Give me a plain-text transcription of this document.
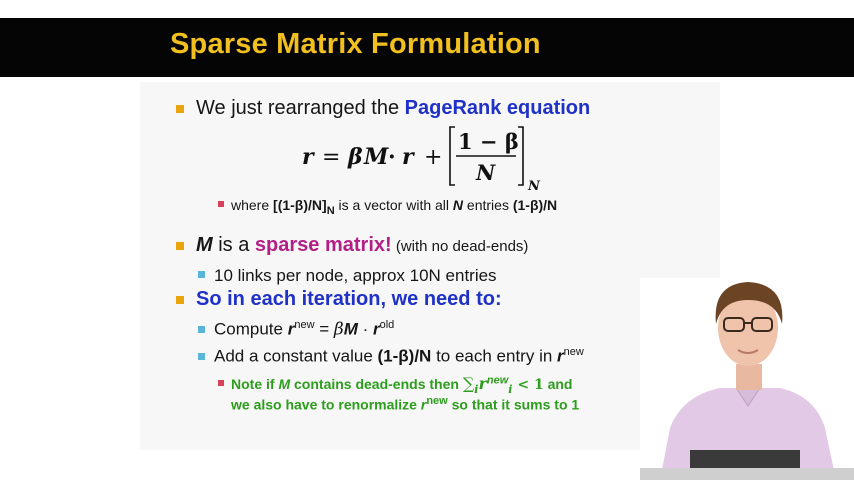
Sparse Matrix Formulation
We just rearranged the PageRank equation
r = β M · r +
1 − β
N
N
where $[(1-\beta)/N]_N$ is a vector with all N entries (1-β)/N
M is a sparse matrix! (with no dead-ends)
10 links per node, approx 10N entries
So in each iteration, we need to:
Compute $r^{new} = \beta M \cdot r^{old}$
Add a constant value (1-β)/N to each entry in $r^{new}$
Note if M contains dead-ends then $\sum_ir^{new}_i < 1$ and
we also have to renormalize $r^{new}$ so that it sums to 1
